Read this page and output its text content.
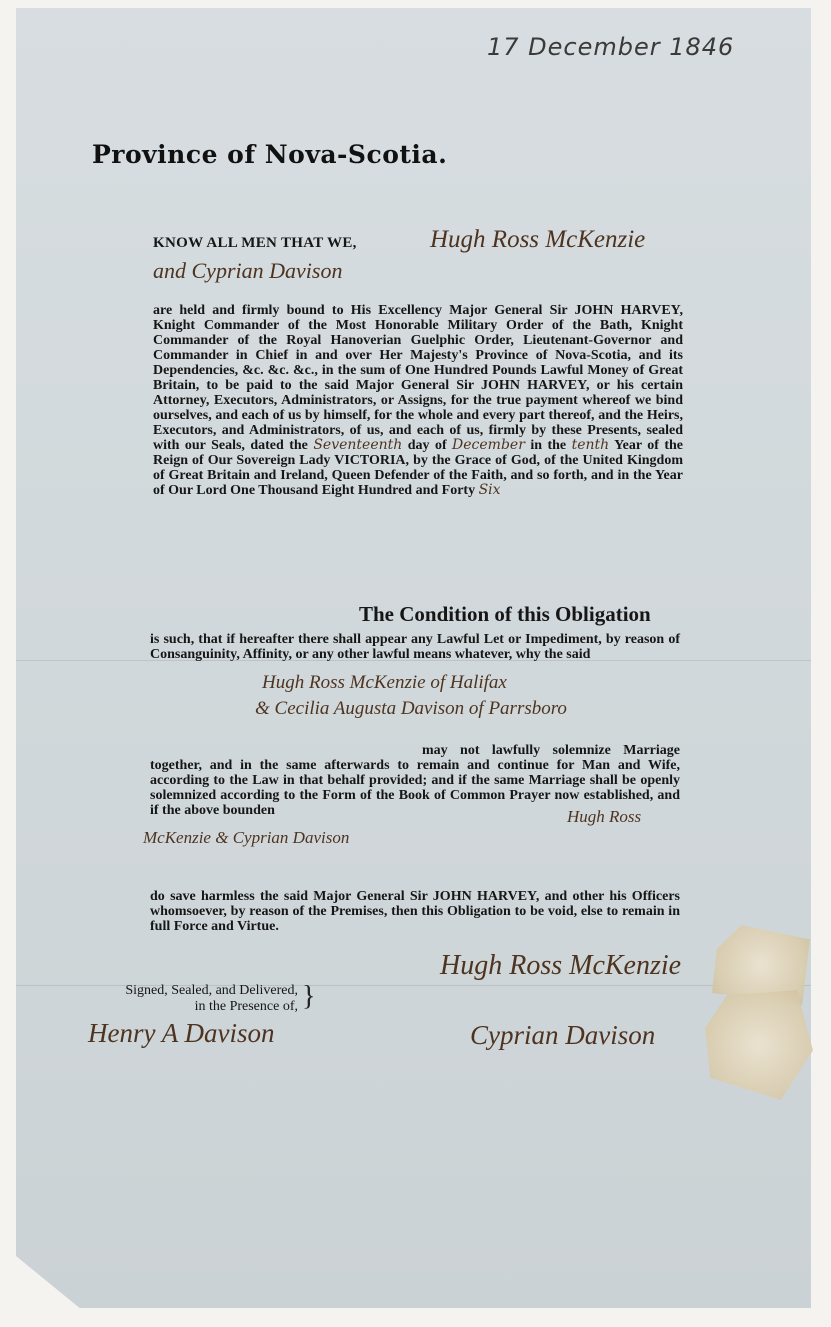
17 December 1846
Province of Nova-Scotia.
KNOW ALL MEN THAT WE,	Hugh Ross McKenzie
and Cyprian Davison
are held and firmly bound to His Excellency Major General Sir JOHN HARVEY, Knight Commander of the Most Honorable Military Order of the Bath, Knight Commander of the Royal Hanoverian Guelphic Order, Lieutenant-Governor and Commander in Chief in and over Her Majesty's Province of Nova-Scotia, and its Dependencies, &c. &c. &c., in the sum of One Hundred Pounds Lawful Money of Great Britain, to be paid to the said Major General Sir JOHN HARVEY, or his certain Attorney, Executors, Administrators, or Assigns, for the true payment whereof we bind ourselves, and each of us by himself, for the whole and every part thereof, and the Heirs, Executors, and Administrators, of us, and each of us, firmly by these Presents, sealed with our Seals, dated the Seventeenth day of December in the tenth Year of the Reign of Our Sovereign Lady VICTORIA, by the Grace of God, of the United Kingdom of Great Britain and Ireland, Queen Defender of the Faith, and so forth, and in the Year of Our Lord One Thousand Eight Hundred and Forty Six
The Condition of this Obligation
is such, that if hereafter there shall appear any Lawful Let or Impediment, by reason of Consanguinity, Affinity, or any other lawful means whatever, why the said
Hugh Ross McKenzie of Halifax
& Cecilia Augusta Davison of Parrsboro
may not lawfully solemnize Marriage together, and in the same afterwards to remain and continue for Man and Wife, according to the Law in that behalf provided; and if the same Marriage shall be openly solemnized according to the Form of the Book of Common Prayer now established, and if the above bounden	Hugh Ross
McKenzie & Cyprian Davison
do save harmless the said Major General Sir JOHN HARVEY, and other his Officers whomsoever, by reason of the Premises, then this Obligation to be void, else to remain in full Force and Virtue.
Signed, Sealed, and Delivered,
in the Presence of, }
Hugh Ross McKenzie
Henry A Davison	Cyprian Davison
